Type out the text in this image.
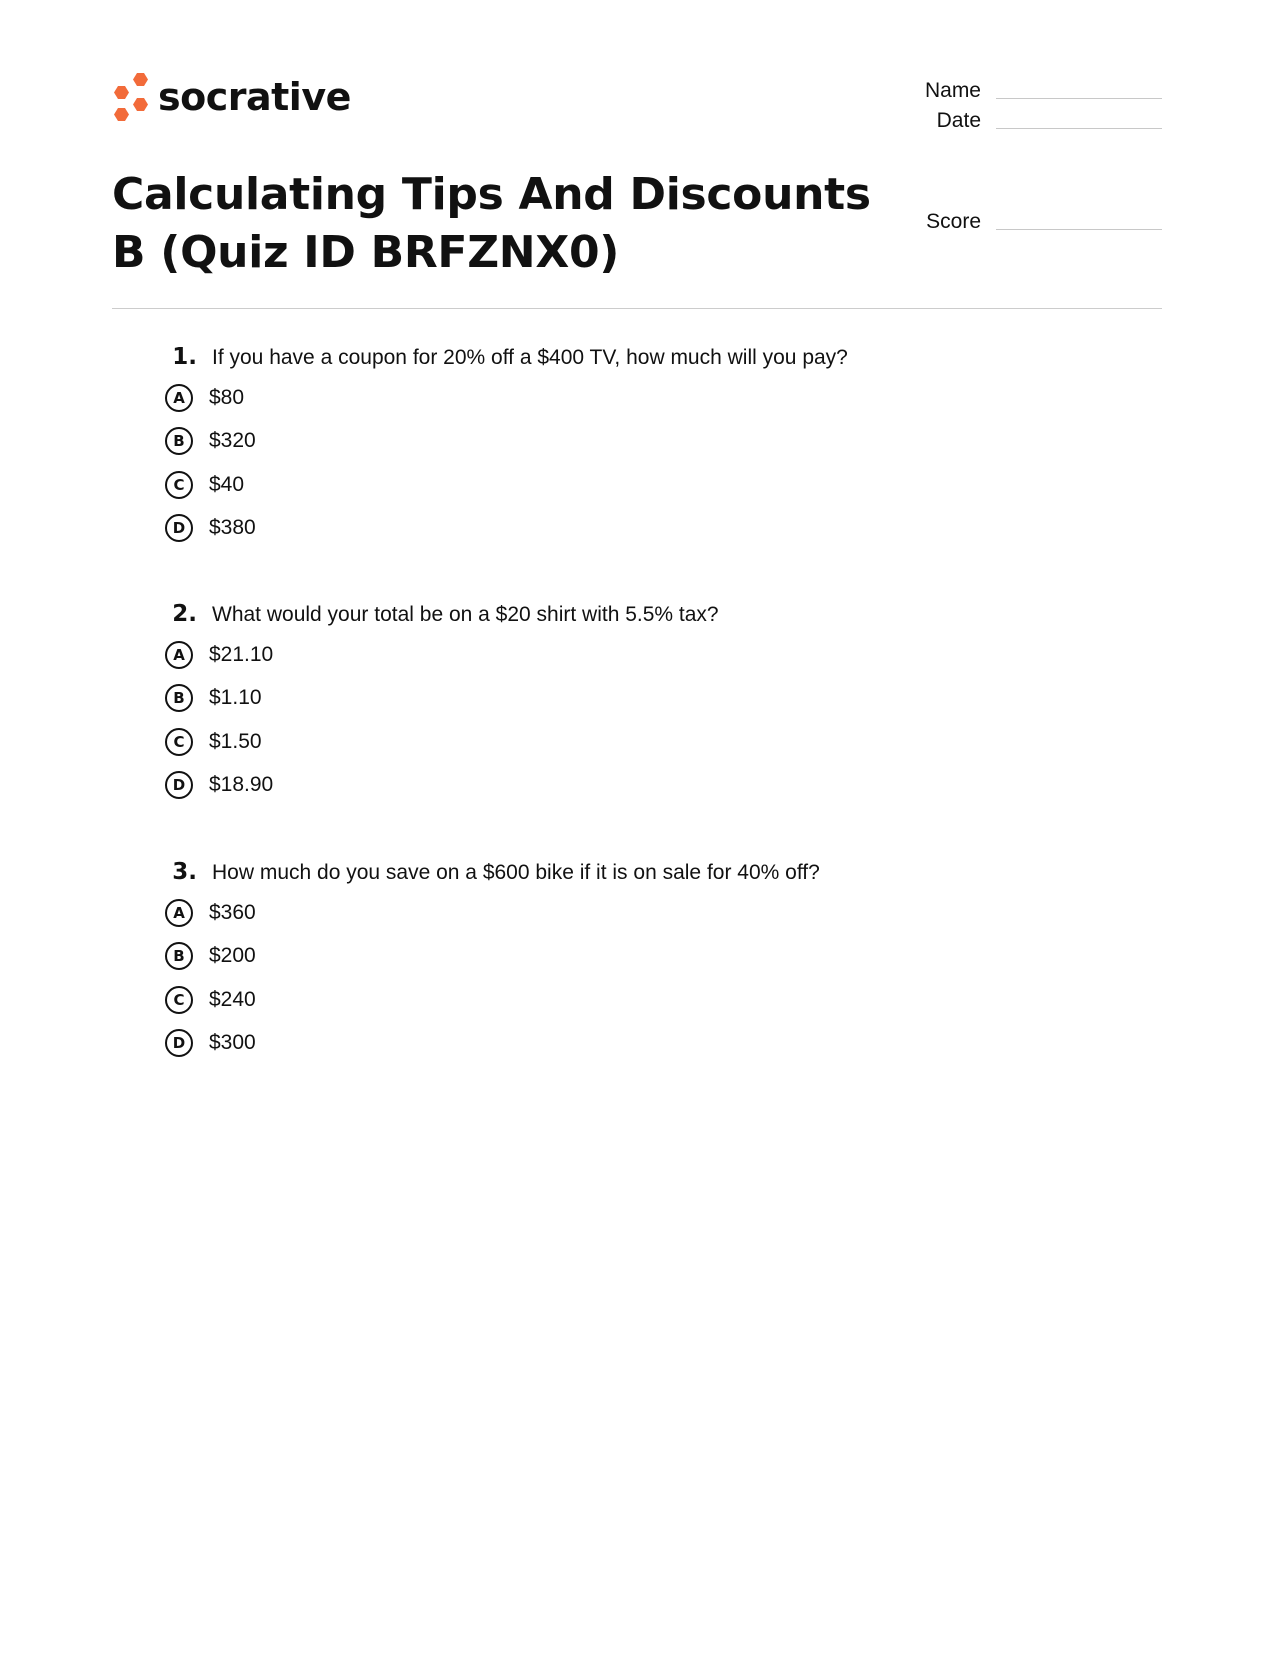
socrative	Name
Date
Score
Calculating Tips And Discounts B (Quiz ID BRFZNX0)
1. If you have a coupon for 20% off a $400 TV, how much will you pay?
A	$80
B	$320
C	$40
D	$380
2. What would your total be on a $20 shirt with 5.5% tax?
A	$21.10
B	$1.10
C	$1.50
D	$18.90
3. How much do you save on a $600 bike if it is on sale for 40% off?
A	$360
B	$200
C	$240
D	$300
